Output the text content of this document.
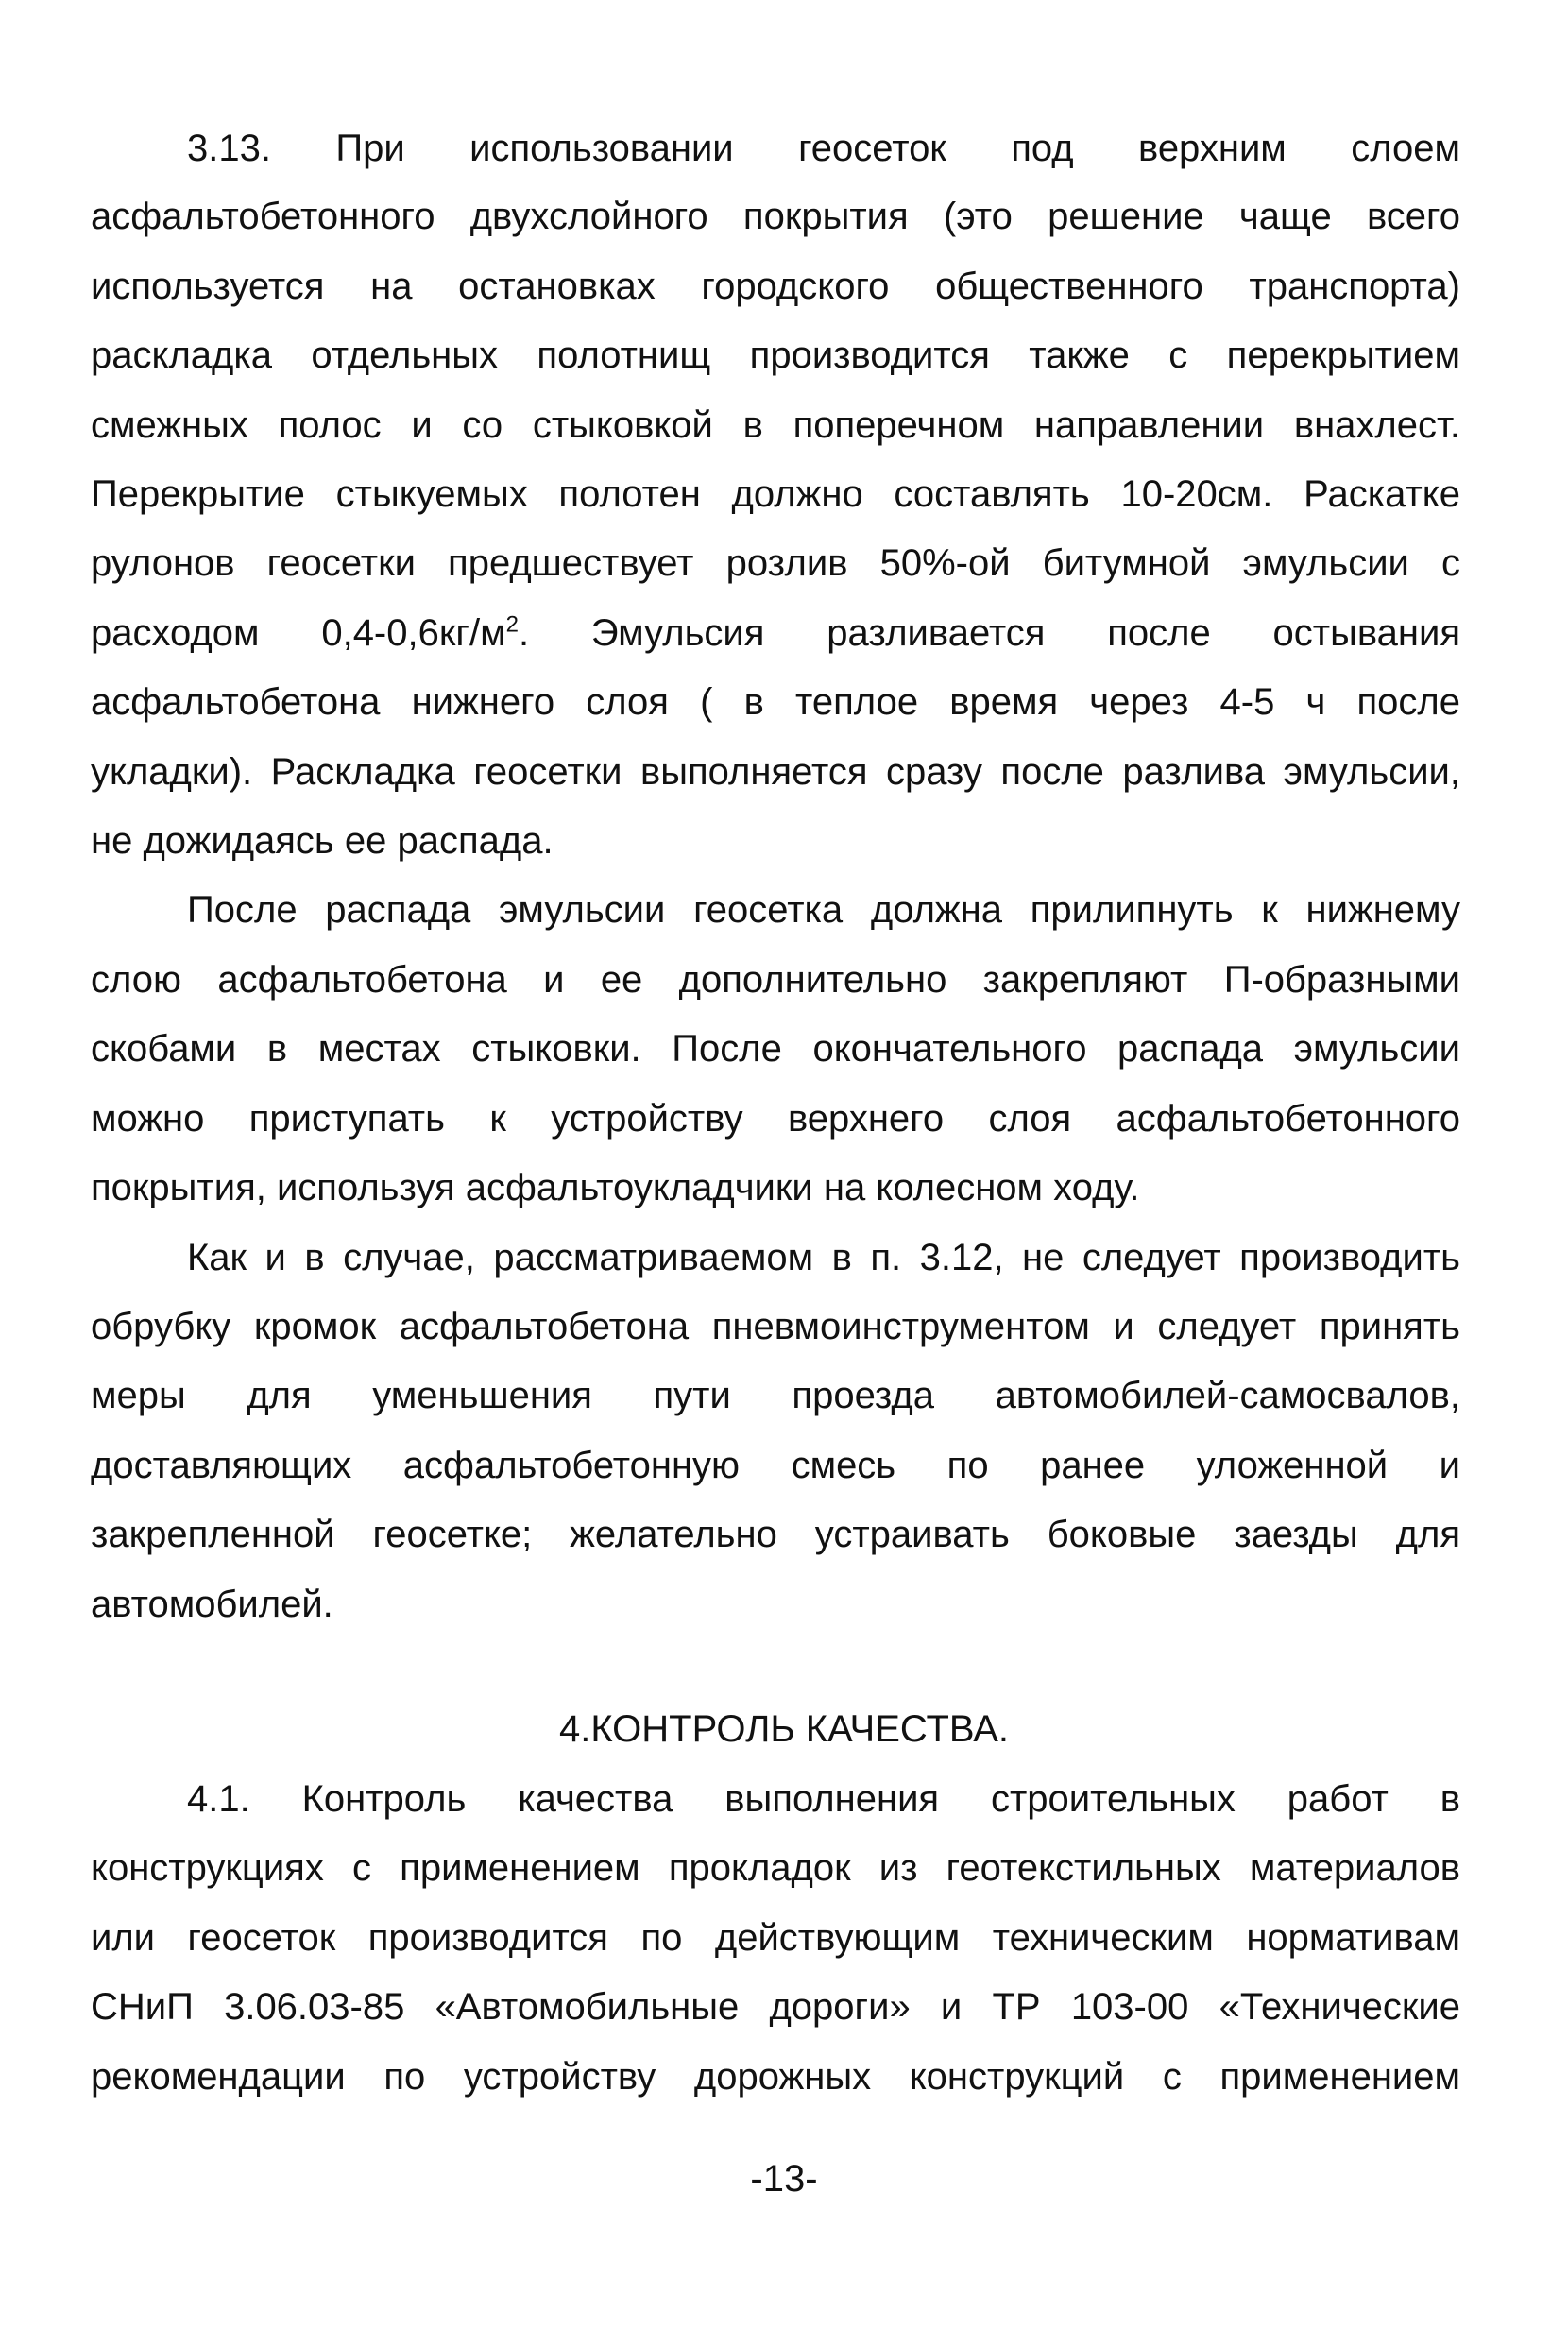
3.13. При использовании геосеток под верхним слоем
асфальтобетонного двухслойного покрытия (это решение чаще всего
используется на остановках городского общественного транспорта)
раскладка отдельных полотнищ производится также с перекрытием
смежных полос и со стыковкой в поперечном направлении внахлест.
Перекрытие стыкуемых полотен должно составлять 10-20см. Раскатке
рулонов геосетки предшествует розлив 50%-ой битумной эмульсии с
расходом $0,4-0,6кг/м^2$. Эмульсия разливается после остывания
асфальтобетона нижнего слоя ( в теплое время через 4-5 ч после
укладки). Раскладка геосетки выполняется сразу после разлива эмульсии,
не дожидаясь ее распада.
После распада эмульсии геосетка должна прилипнуть к нижнему
слою асфальтобетона и ее дополнительно закрепляют П-образными
скобами в местах стыковки. После окончательного распада эмульсии
можно приступать к устройству верхнего слоя асфальтобетонного
покрытия, используя асфальтоукладчики на колесном ходу.
Как и в случае, рассматриваемом в п. 3.12, не следует производить
обрубку кромок асфальтобетона пневмоинструментом и следует принять
меры для уменьшения пути проезда автомобилей-самосвалов,
доставляющих асфальтобетонную смесь по ранее уложенной и
закрепленной геосетке; желательно устраивать боковые заезды для
автомобилей.
4.КОНТРОЛЬ КАЧЕСТВА.
4.1. Контроль качества выполнения строительных работ в
конструкциях с применением прокладок из геотекстильных материалов
или геосеток производится по действующим техническим нормативам
СНиП 3.06.03-85 «Автомобильные дороги» и ТР 103-00 «Технические
рекомендации по устройству дорожных конструкций с применением
-13-
